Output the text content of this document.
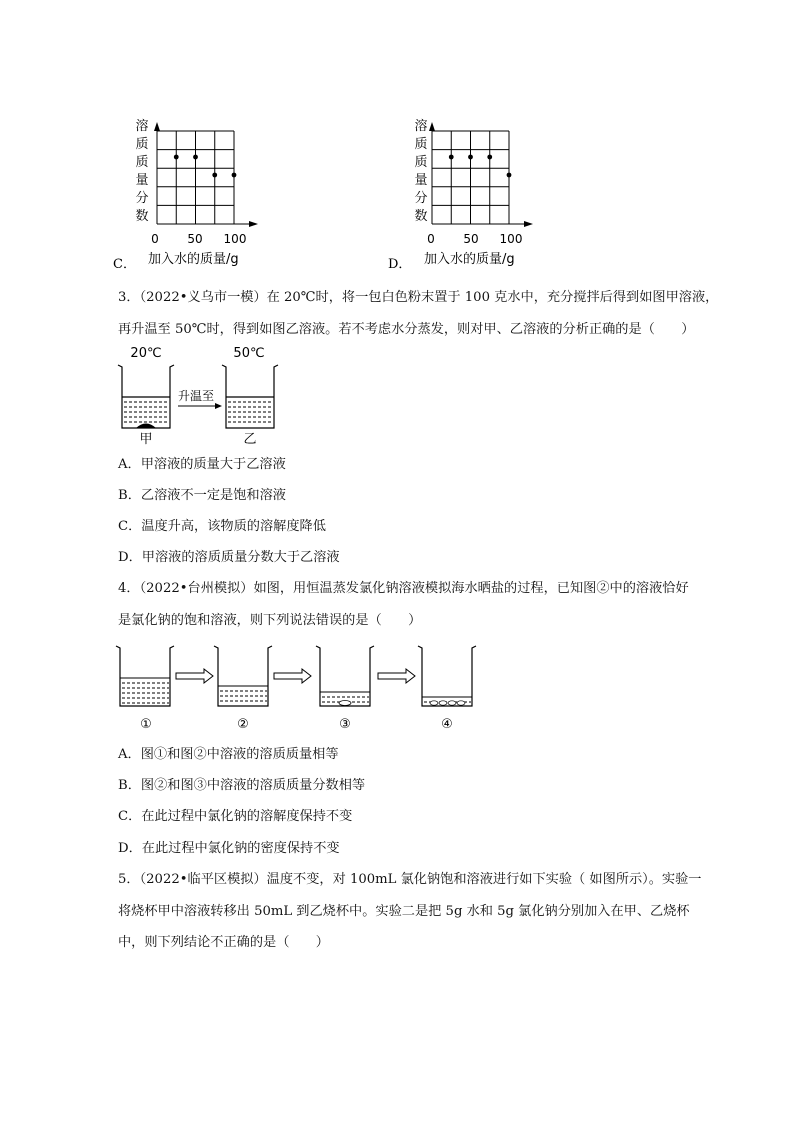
溶
质
质
量
分
数
0 50 100
加入水的质量/g
C．
溶
质
质
量
分
数
0 50 100
加入水的质量/g
D．
3．（2022•义乌市一模）在 20℃时，将一包白色粉末置于 100 克水中，充分搅拌后得到如图甲溶液，
再升温至 50℃时，得到如图乙溶液。若不考虑水分蒸发，则对甲、乙溶液的分析正确的是（　　）
20℃	50℃
升温至
甲	乙
A．甲溶液的质量大于乙溶液
B．乙溶液不一定是饱和溶液
C．温度升高，该物质的溶解度降低
D．甲溶液的溶质质量分数大于乙溶液
4．（2022•台州模拟）如图，用恒温蒸发氯化钠溶液模拟海水晒盐的过程，已知图②中的溶液恰好
是氯化钠的饱和溶液，则下列说法错误的是（　　）
①	②	③	④
A．图①和图②中溶液的溶质质量相等
B．图②和图③中溶液的溶质质量分数相等
C．在此过程中氯化钠的溶解度保持不变
D．在此过程中氯化钠的密度保持不变
5．（2022•临平区模拟）温度不变，对 100mL 氯化钠饱和溶液进行如下实验（ 如图所示）。实验一
将烧杯甲中溶液转移出 50mL 到乙烧杯中。实验二是把 5g 水和 5g 氯化钠分别加入在甲、乙烧杯
中，则下列结论不正确的是（　　）
